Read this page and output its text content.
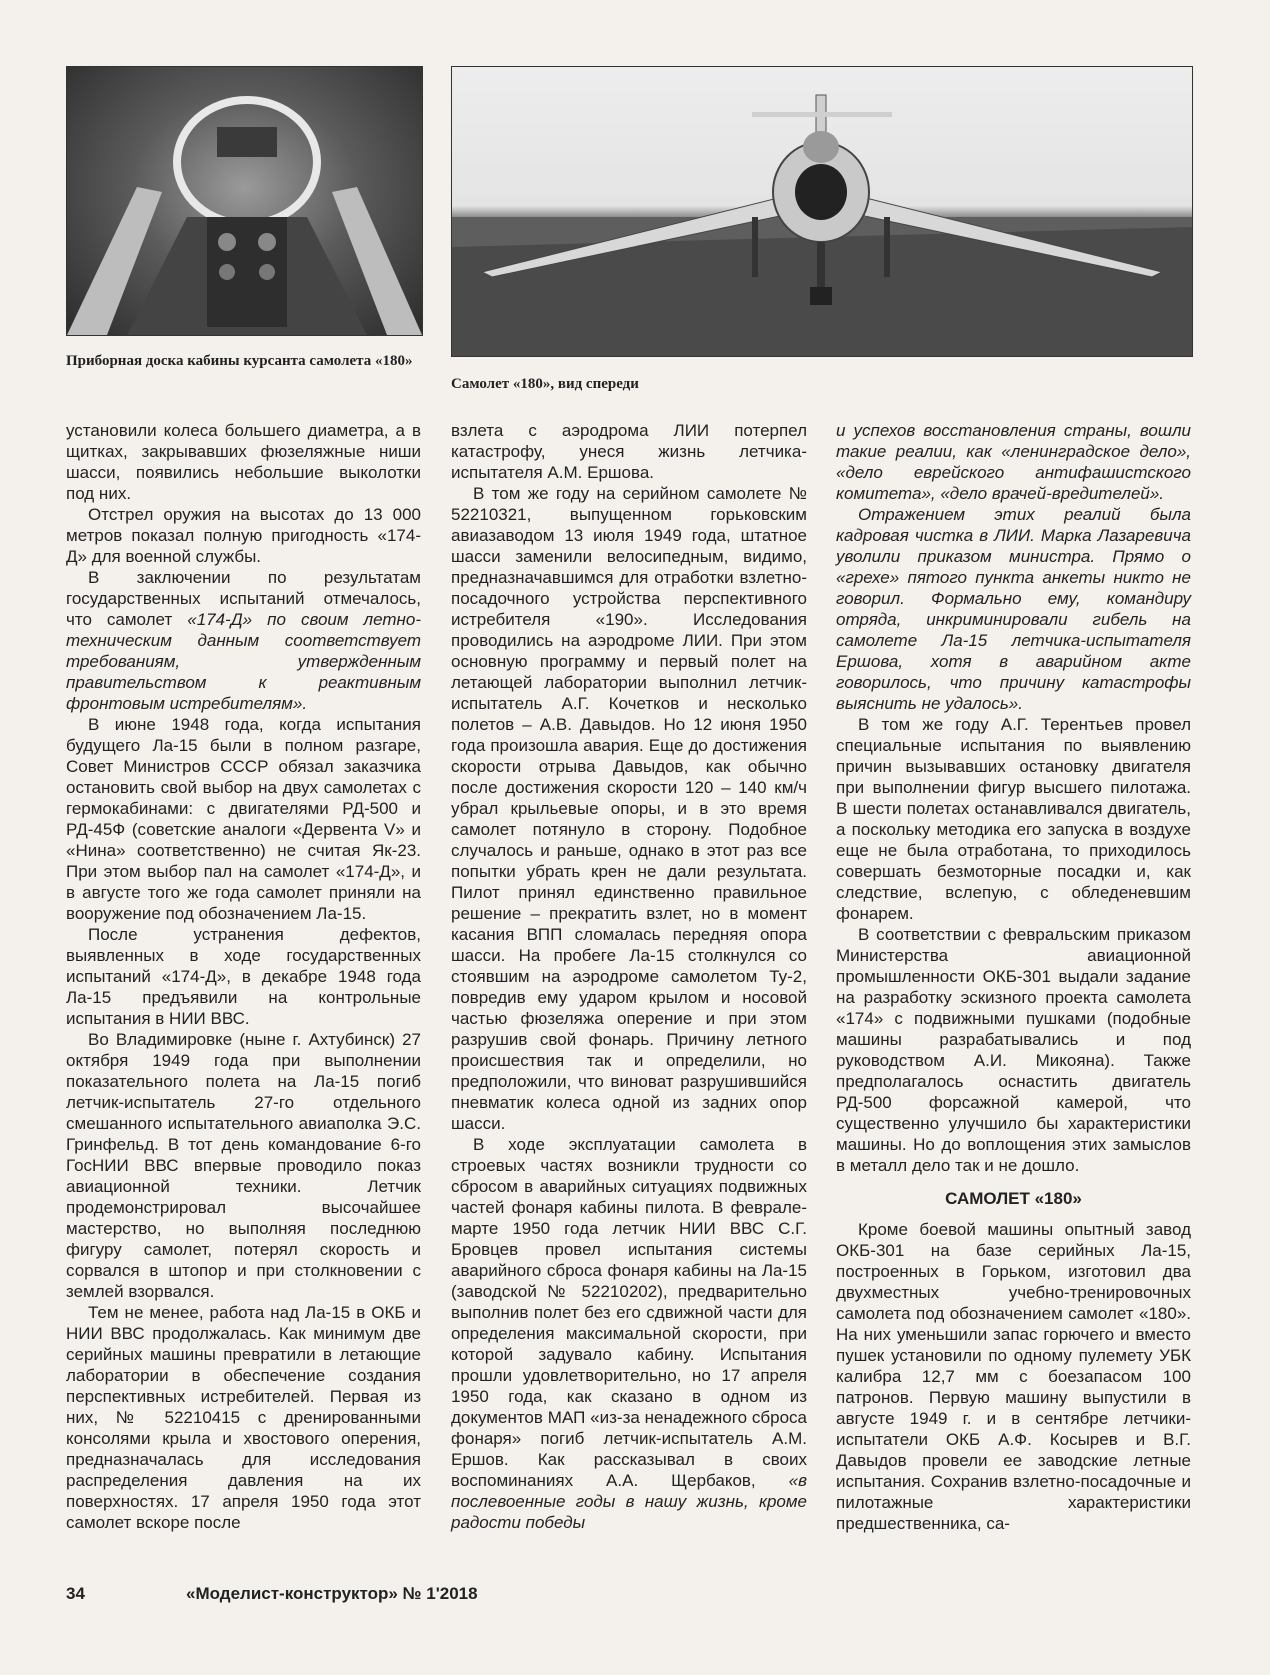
Приборная доска кабины курсанта самолета «180»
Самолет «180», вид спереди

установили колеса большего диаметра, а в щитках, закрывавших фюзеляжные ниши шасси, появились небольшие выколотки под них.

Отстрел оружия на высотах до 13 000 метров показал полную пригодность «174-Д» для военной службы.

В заключении по результатам государственных испытаний отмечалось, что самолет «174-Д» по своим летно-техническим данным соответствует требованиям, утвержденным правительством к реактивным фронтовым истребителям».

В июне 1948 года, когда испытания будущего Ла-15 были в полном разгаре, Совет Министров СССР обязал заказчика остановить свой выбор на двух самолетах с гермокабинами: с двигателями РД-500 и РД-45Ф (советские аналоги «Дервента V» и «Нина» соответственно) не считая Як-23. При этом выбор пал на самолет «174-Д», и в августе того же года самолет приняли на вооружение под обозначением Ла-15.

После устранения дефектов, выявленных в ходе государственных испытаний «174-Д», в декабре 1948 года Ла-15 предъявили на контрольные испытания в НИИ ВВС.

Во Владимировке (ныне г. Ахтубинск) 27 октября 1949 года при выполнении показательного полета на Ла-15 погиб летчик-испытатель 27-го отдельного смешанного испытательного авиаполка Э.С. Гринфельд. В тот день командование 6-го ГосНИИ ВВС впервые проводило показ авиационной техники. Летчик продемонстрировал высочайшее мастерство, но выполняя последнюю фигуру самолет, потерял скорость и сорвался в штопор и при столкновении с землей взорвался.

Тем не менее, работа над Ла-15 в ОКБ и НИИ ВВС продолжалась. Как минимум две серийных машины превратили в летающие лаборатории в обеспечение создания перспективных истребителей. Первая из них, № 52210415 с дренированными консолями крыла и хвостового оперения, предназначалась для исследования распределения давления на их поверхностях. 17 апреля 1950 года этот самолет вскоре после

взлета с аэродрома ЛИИ потерпел катастрофу, унеся жизнь летчика-испытателя А.М. Ершова.

В том же году на серийном самолете № 52210321, выпущенном горьковским авиазаводом 13 июля 1949 года, штатное шасси заменили велосипедным, видимо, предназначавшимся для отработки взлетно-посадочного устройства перспективного истребителя «190». Исследования проводились на аэродроме ЛИИ. При этом основную программу и первый полет на летающей лаборатории выполнил летчик-испытатель А.Г. Кочетков и несколько полетов – А.В. Давыдов. Но 12 июня 1950 года произошла авария. Еще до достижения скорости отрыва Давыдов, как обычно после достижения скорости 120 – 140 км/ч убрал крыльевые опоры, и в это время самолет потянуло в сторону. Подобное случалось и раньше, однако в этот раз все попытки убрать крен не дали результата. Пилот принял единственно правильное решение – прекратить взлет, но в момент касания ВПП сломалась передняя опора шасси. На пробеге Ла-15 столкнулся со стоявшим на аэродроме самолетом Ту-2, повредив ему ударом крылом и носовой частью фюзеляжа оперение и при этом разрушив свой фонарь. Причину летного происшествия так и определили, но предположили, что виноват разрушившийся пневматик колеса одной из задних опор шасси.

В ходе эксплуатации самолета в строевых частях возникли трудности со сбросом в аварийных ситуациях подвижных частей фонаря кабины пилота. В феврале-марте 1950 года летчик НИИ ВВС С.Г. Бровцев провел испытания системы аварийного сброса фонаря кабины на Ла-15 (заводской № 52210202), предварительно выполнив полет без его сдвижной части для определения максимальной скорости, при которой задувало кабину. Испытания прошли удовлетворительно, но 17 апреля 1950 года, как сказано в одном из документов МАП «из-за ненадежного сброса фонаря» погиб летчик-испытатель А.М. Ершов. Как рассказывал в своих воспоминаниях А.А. Щербаков, «в послевоенные годы в нашу жизнь, кроме радости победы

и успехов восстановления страны, вошли такие реалии, как «ленинградское дело», «дело еврейского антифашистского комитета», «дело врачей-вредителей».

Отражением этих реалий была кадровая чистка в ЛИИ. Марка Лазаревича уволили приказом министра. Прямо о «грехе» пятого пункта анкеты никто не говорил. Формально ему, командиру отряда, инкриминировали гибель на самолете Ла-15 летчика-испытателя Ершова, хотя в аварийном акте говорилось, что причину катастрофы выяснить не удалось».

В том же году А.Г. Терентьев провел специальные испытания по выявлению причин вызывавших остановку двигателя при выполнении фигур высшего пилотажа. В шести полетах останавливался двигатель, а поскольку методика его запуска в воздухе еще не была отработана, то приходилось совершать безмоторные посадки и, как следствие, вслепую, с обледеневшим фонарем.

В соответствии с февральским приказом Министерства авиационной промышленности ОКБ-301 выдали задание на разработку эскизного проекта самолета «174» с подвижными пушками (подобные машины разрабатывались и под руководством А.И. Микояна). Также предполагалось оснастить двигатель РД-500 форсажной камерой, что существенно улучшило бы характеристики машины. Но до воплощения этих замыслов в металл дело так и не дошло.

САМОЛЕТ «180»

Кроме боевой машины опытный завод ОКБ-301 на базе серийных Ла-15, построенных в Горьком, изготовил два двухместных учебно-тренировочных самолета под обозначением самолет «180». На них уменьшили запас горючего и вместо пушек установили по одному пулемету УБК калибра 12,7 мм с боезапасом 100 патронов. Первую машину выпустили в августе 1949 г. и в сентябре летчики-испытатели ОКБ А.Ф. Косырев и В.Г. Давыдов провели ее заводские летные испытания. Сохранив взлетно-посадочные и пилотажные характеристики предшественника, са-

34	«Моделист-конструктор» № 1'2018
